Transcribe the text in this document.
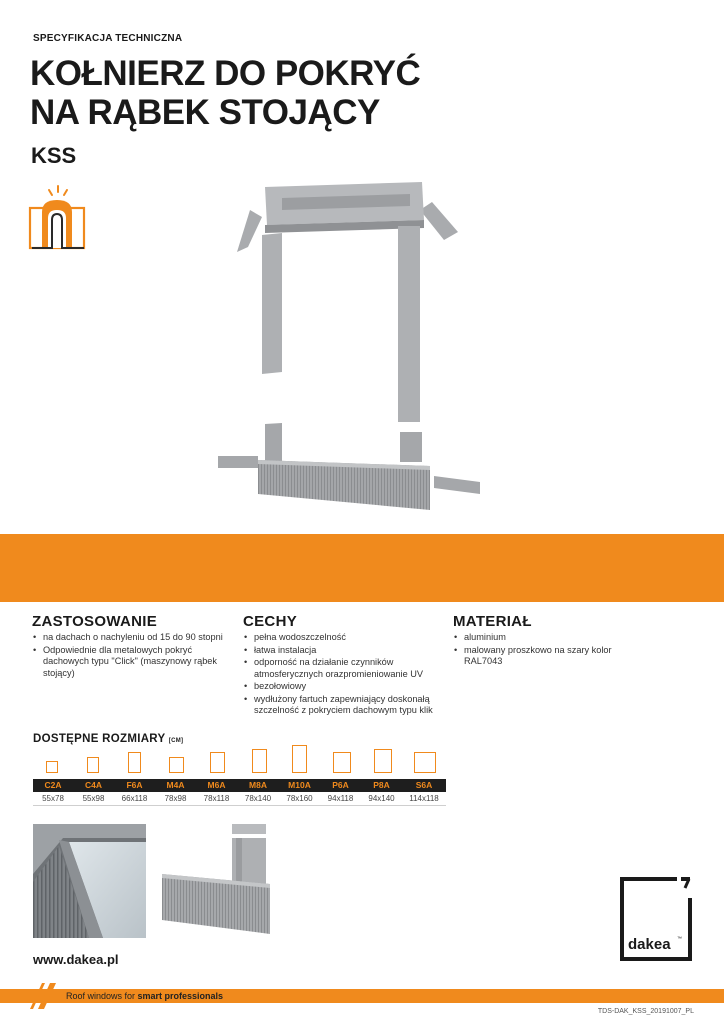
SPECYFIKACJA TECHNICZNA
KOŁNIERZ DO POKRYĆ
NA RĄBEK STOJĄCY
KSS
ZASTOSOWANIE
• na dachach o nachyleniu od 15 do 90 stopni
• Odpowiednie dla metalowych pokryć dachowych typu "Click" (maszynowy rąbek stojący)
CECHY
• pełna wodoszczelność
• łatwa instalacja
• odporność na działanie czynników atmosferycznych orazpromieniowanie UV
• bezołowiowy
• wydłużony fartuch zapewniający doskonałą szczelność z pokryciem dachowym typu klik
MATERIAŁ
• aluminium
• malowany proszkowo na szary kolor RAL7043
DOSTĘPNE ROZMIARY [CM]
C2A	C4A	F6A	M4A	M6A	M8A	M10A	P6A	P8A	S6A
55x78	55x98	66x118	78x98	78x118	78x140	78x160	94x118	94x140	114x118
dakea ™
www.dakea.pl
Roof windows for smart professionals
TDS-DAK_KSS_20191007_PL
